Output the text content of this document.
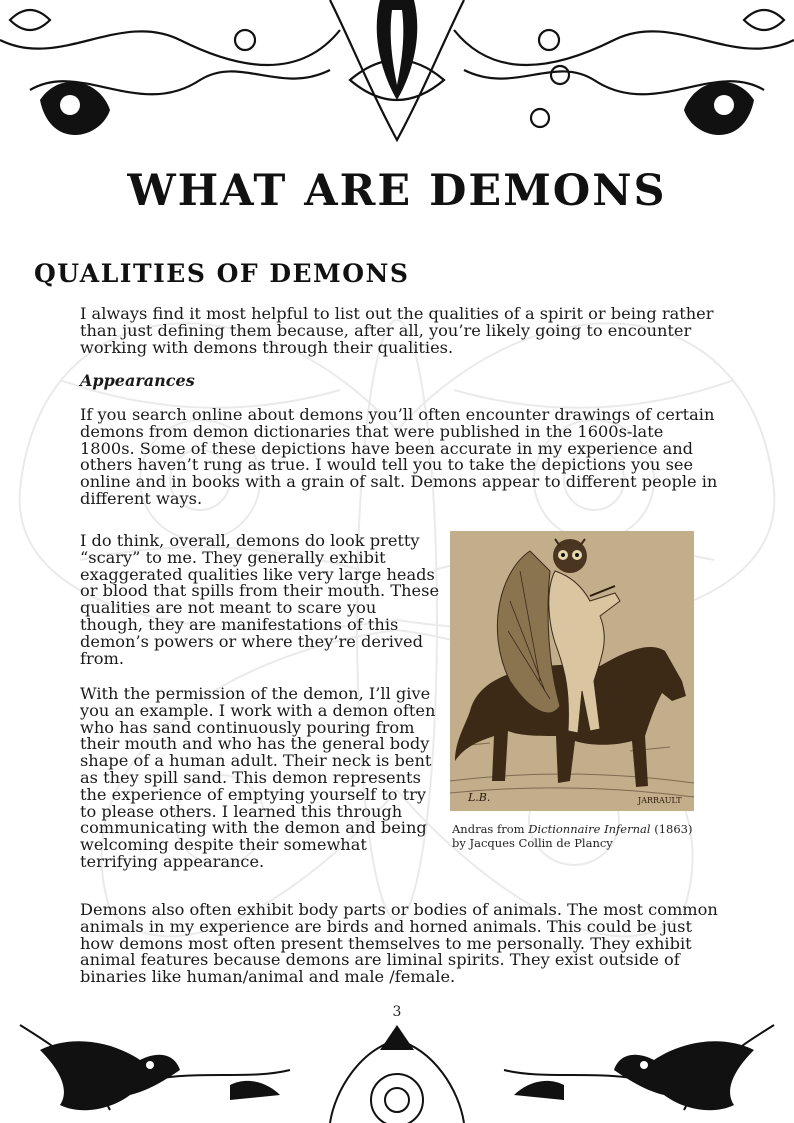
WHAT ARE DEMONS
QUALITIES OF DEMONS

I always find it most helpful to list out the qualities of a spirit or being rather than just defining them because, after all, you’re likely going to encounter working with demons through their qualities.

Appearances

If you search online about demons you’ll often encounter drawings of certain demons from demon dictionaries that were published in the 1600s-late 1800s. Some of these depictions have been accurate in my experience and others haven’t rung as true. I would tell you to take the depictions you see online and in books with a grain of salt. Demons appear to different people in different ways.

I do think, overall, demons do look pretty “scary” to me. They generally exhibit exaggerated qualities like very large heads or blood that spills from their mouth. These qualities are not meant to scare you though, they are manifestations of this demon’s powers or where they’re derived from.

With the permission of the demon, I’ll give you an example. I work with a demon often who has sand continuously pouring from their mouth and who has the general body shape of a human adult. Their neck is bent as they spill sand. This demon represents the experience of emptying yourself to try to please others. I learned this through communicating with the demon and being welcoming despite their somewhat terrifying appearance.

L.B.	JARRAULT

Andras from Dictionnaire Infernal (1863)
by Jacques Collin de Plancy

Demons also often exhibit body parts or bodies of animals. The most common animals in my experience are birds and horned animals. This could be just how demons most often present themselves to me personally. They exhibit animal features because demons are liminal spirits. They exist outside of binaries like human/animal and male /female.

3
